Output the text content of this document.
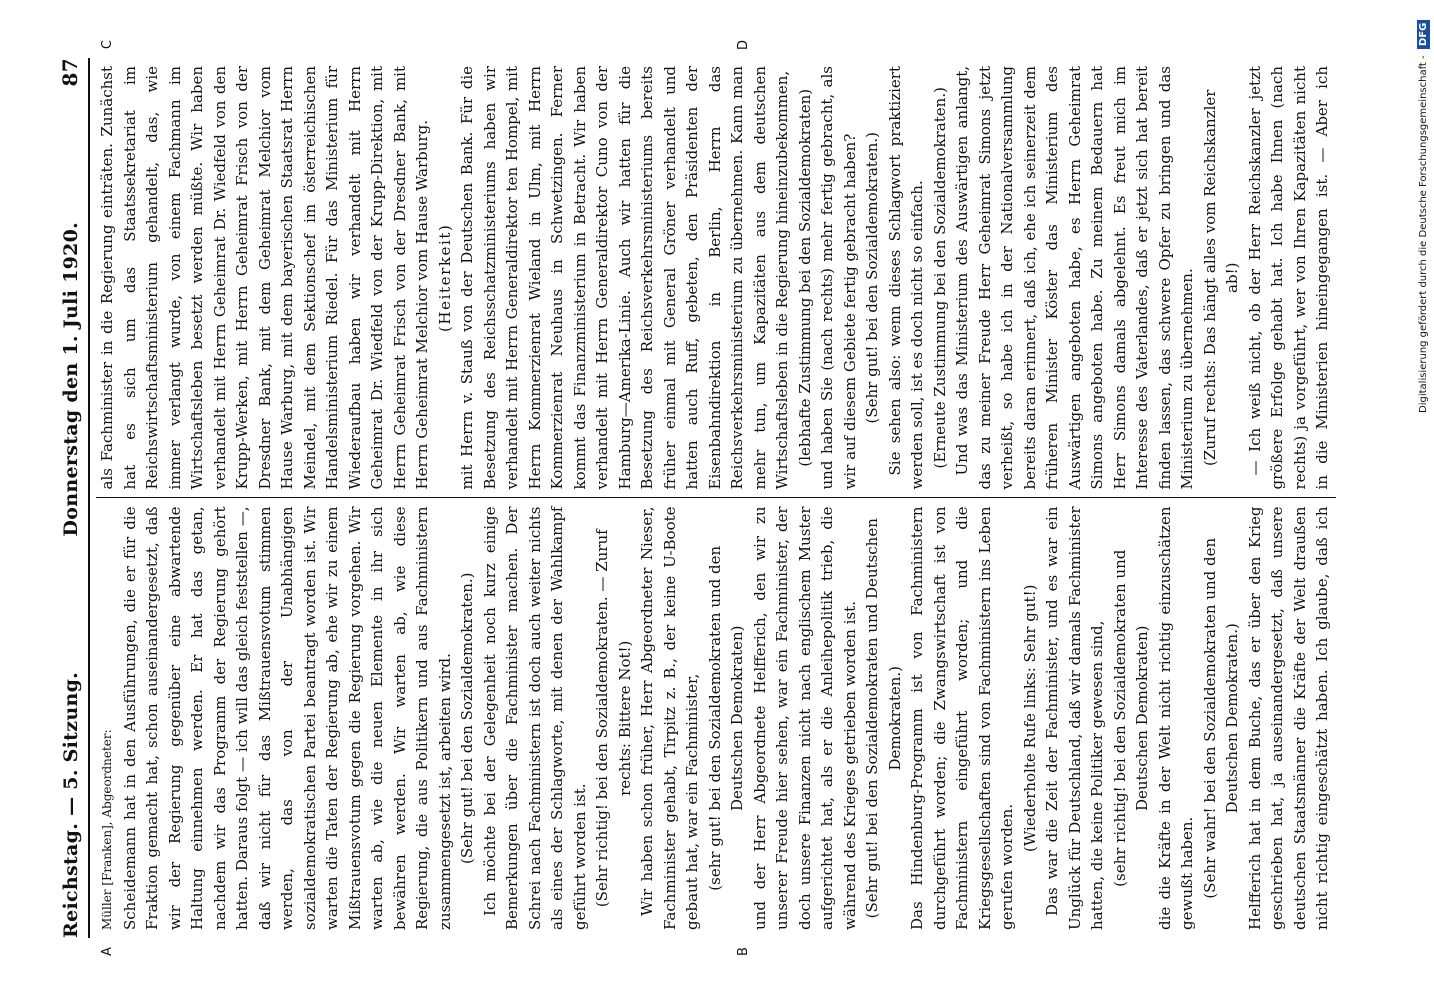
Digitalisierung gefördert durch die Deutsche Forschungsgemeinschaft -
DFG
Reichstag. — 5. Sitzung.
Donnerstag den 1. Juli 1920.
87
A	B
C	D

Müller [Franken], Abgeordneter: Scheidemann hat in den Ausführungen, die er für die Fraktion gemacht hat, schon auseinandergesetzt, daß wir der Regierung gegenüber eine abwartende Haltung einnehmen werden. Er hat das getan, nachdem wir das Programm der Regierung gehört hatten. Daraus folgt — ich will das gleich feststellen —, daß wir nicht für das Mißtrauensvotum stimmen werden, das von der Unabhängigen sozialdemokratischen Partei beantragt worden ist. Wir warten die Taten der Regierung ab, ehe wir zu einem Mißtrauensvotum gegen die Regierung vorgehen. Wir warten ab, wie die neuen Elemente in ihr sich bewähren werden. Wir warten ab, wie diese Regierung, die aus Politikern und aus Fachministern zusammengesetzt ist, arbeiten wird. (Sehr gut! bei den Sozialdemokraten.) Ich möchte bei der Gelegenheit noch kurz einige Bemerkungen über die Fachminister machen. Der Schrei nach Fachministern ist doch auch weiter nichts als eines der Schlagworte, mit denen der Wahlkampf geführt worden ist. (Sehr richtig! bei den Sozialdemokraten. — Zuruf rechts: Bittere Not!) Wir haben schon früher, Herr Abgeordneter Nieser, Fachminister gehabt, Tirpitz z. B., der keine U-Boote gebaut hat, war ein Fachminister, (sehr gut! bei den Sozialdemokraten und den Deutschen Demokraten) und der Herr Abgeordnete Helfferich, den wir zu unserer Freude hier sehen, war ein Fachminister, der doch unsere Finanzen nicht nach englischem Muster aufgerichtet hat, als er die Anleihepolitik trieb, die während des Krieges getrieben worden ist. (Sehr gut! bei den Sozialdemokraten und Deutschen Demokraten.) Das Hindenburg-Programm ist von Fachministern durchgeführt worden; die Zwangswirtschaft ist von Fachministern eingeführt worden; und die Kriegsgesellschaften sind von Fachministern ins Leben gerufen worden.

(Wiederholte Rufe links: Sehr gut!) Das war die Zeit der Fachminister, und es war ein Unglück für Deutschland, daß wir damals Fachminister hatten, die keine Politiker gewesen sind, (sehr richtig! bei den Sozialdemokraten und Deutschen Demokraten) die die Kräfte in der Welt nicht richtig einzuschätzen gewußt haben. (Sehr wahr! bei den Sozialdemokraten und den Deutschen Demokraten.)

Helfferich hat in dem Buche, das er über den Krieg geschrieben hat, ja auseinandergesetzt, daß unsere deutschen Staatsmänner die Kräfte der Welt draußen nicht richtig eingeschätzt haben. Ich glaube, daß ich

als Fachminister in die Regierung einträten. Zunächst hat es sich um das Staatssekretariat im Reichswirtschaftsministerium gehandelt, das, wie immer verlangt wurde, von einem Fachmann im Wirtschaftsleben besetzt werden müßte. Wir haben verhandelt mit Herrn Geheimrat Dr. Wiedfeld von den Krupp-Werken, mit Herrn Geheimrat Frisch von der Dresdner Bank, mit dem Geheimrat Melchior vom Hause Warburg, mit dem bayerischen Staatsrat Herrn Meindel, mit dem Sektionschef im österreichischen Handelsministerium Riedel. Für das Ministerium für Wiederaufbau haben wir verhandelt mit Herrn Geheimrat Dr. Wiedfeld von der Krupp-Direktion, mit Herrn Geheimrat Frisch von der Dresdner Bank, mit Herrn Geheimrat Melchior vom Hause Warburg. (Heiterkeit) mit Herrn v. Stauß von der Deutschen Bank. Für die Besetzung des Reichsschatzministeriums haben wir verhandelt mit Herrn Generaldirektor ten Hompel, mit Herrn Kommerzienrat Wieland in Ulm, mit Herrn Kommerzienrat Neuhaus in Schwetzingen. Ferner kommt das Finanzministerium in Betracht. Wir haben verhandelt mit Herrn Generaldirektor Cuno von der Hamburg—Amerika-Linie. Auch wir hatten für die Besetzung des Reichsverkehrsministeriums bereits früher einmal mit General Gröner verhandelt und hatten auch Ruff, gebeten, den Präsidenten der Eisenbahndirektion in Berlin, Herrn das Reichsverkehrsministerium zu übernehmen. Kann man mehr tun, um Kapazitäten aus dem deutschen Wirtschaftsleben in die Regierung hineinzubekommen, (lebhafte Zustimmung bei den Sozialdemokraten) und haben Sie (nach rechts) mehr fertig gebracht, als wir auf diesem Gebiete fertig gebracht haben? (Sehr gut! bei den Sozialdemokraten.) Sie sehen also: wenn dieses Schlagwort praktiziert werden soll, ist es doch nicht so einfach. (Erneute Zustimmung bei den Sozialdemokraten.) Und was das Ministerium des Auswärtigen anlangt, das zu meiner Freude Herr Geheimrat Simons jetzt verheißt, so habe ich in der Nationalversammlung bereits daran erinnert, daß ich, ehe ich seinerzeit dem früheren Minister Köster das Ministerium des Auswärtigen angeboten habe, es Herrn Geheimrat Simons angeboten habe. Zu meinem Bedauern hat Herr Simons damals abgelehnt. Es freut mich im Interesse des Vaterlandes, daß er jetzt sich hat bereit finden lassen, das schwere Opfer zu bringen und das Ministerium zu übernehmen. (Zuruf rechts: Das hängt alles vom Reichskanzler ab!)

— Ich weiß nicht, ob der Herr Reichskanzler jetzt größere Erfolge gehabt hat. Ich habe Ihnen (nach rechts) ja vorgeführt, wer von Ihren Kapazitäten nicht in die Ministerien hineingegangen ist. — Aber ich
